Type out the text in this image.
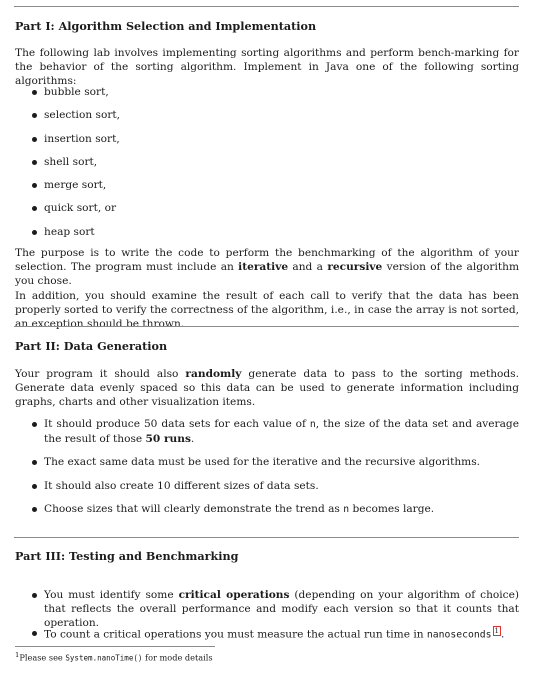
Part I: Algorithm Selection and Implementation
The following lab involves implementing sorting algorithms and perform bench-marking for the behavior of the sorting algorithm. Implement in Java one of the following sorting algorithms:
bubble sort,
selection sort,
insertion sort,
shell sort,
merge sort,
quick sort, or
heap sort
The purpose is to write the code to perform the benchmarking of the algorithm of your selection. The program must include an iterative and a recursive version of the algorithm you chose.
In addition, you should examine the result of each call to verify that the data has been properly sorted to verify the correctness of the algorithm, i.e., in case the array is not sorted, an exception should be thrown.
Part II: Data Generation
Your program it should also randomly generate data to pass to the sorting methods. Generate data evenly spaced so this data can be used to generate information including graphs, charts and other visualization items.
It should produce 50 data sets for each value of n, the size of the data set and average the result of those 50 runs.
The exact same data must be used for the iterative and the recursive algorithms.
It should also create 10 different sizes of data sets.
Choose sizes that will clearly demonstrate the trend as n becomes large.
Part III: Testing and Benchmarking
You must identify some critical operations (depending on your algorithm of choice) that reflects the overall performance and modify each version so that it counts that operation.
To count a critical operations you must measure the actual run time in nanoseconds 1 .
$^1$Please see System.nanoTime() for mode details
